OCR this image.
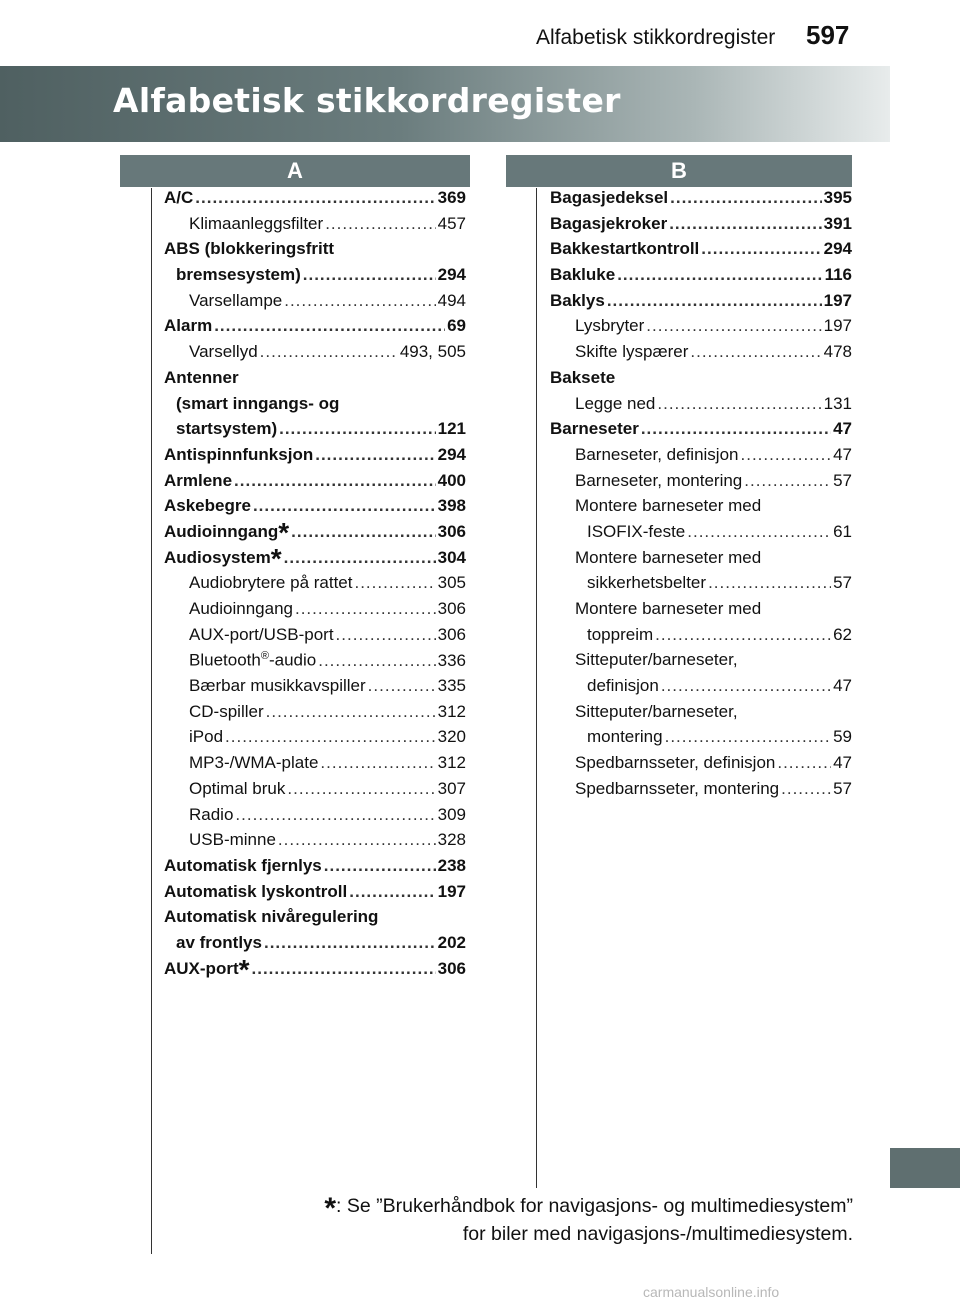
Alfabetisk stikkordregister 597
Alfabetisk stikkordregister
A	B
A/C .....	369
Klimaanleggsfilter .....	457
ABS (blokkeringsfritt
bremsesystem) .....	294
Varsellampe .....	494
Alarm .....	69
Varsellyd .....	493, 505
Antenner
(smart inngangs- og
startsystem) .....	121
Antispinnfunksjon .....	294
Armlene .....	400
Askebegre .....	398
Audioinngang* .....	306
Audiosystem* .....	304
Audiobrytere på rattet .....	305
Audioinngang .....	306
AUX-port/USB-port .....	306
Bluetooth®-audio .....	336
Bærbar musikkavspiller .....	335
CD-spiller .....	312
iPod .....	320
MP3-/WMA-plate .....	312
Optimal bruk .....	307
Radio .....	309
USB-minne .....	328
Automatisk fjernlys .....	238
Automatisk lyskontroll .....	197
Automatisk nivåregulering
av frontlys .....	202
AUX-port* .....	306
Bagasjedeksel .....	395
Bagasjekroker .....	391
Bakkestartkontroll .....	294
Bakluke .....	116
Baklys .....	197
Lysbryter .....	197
Skifte lyspærer .....	478
Baksete
Legge ned .....	131
Barneseter .....	47
Barneseter, definisjon .....	47
Barneseter, montering .....	57
Montere barneseter med
ISOFIX-feste .....	61
Montere barneseter med
sikkerhetsbelter .....	57
Montere barneseter med
toppreim .....	62
Sitteputer/barneseter,
definisjon .....	47
Sitteputer/barneseter,
montering .....	59
Spedbarnsseter, definisjon .....	47
Spedbarnsseter, montering .....	57
*: Se ”Brukerhåndbok for navigasjons- og multimediesystem”
for biler med navigasjons-/multimediesystem.
carmanualsonline.info
